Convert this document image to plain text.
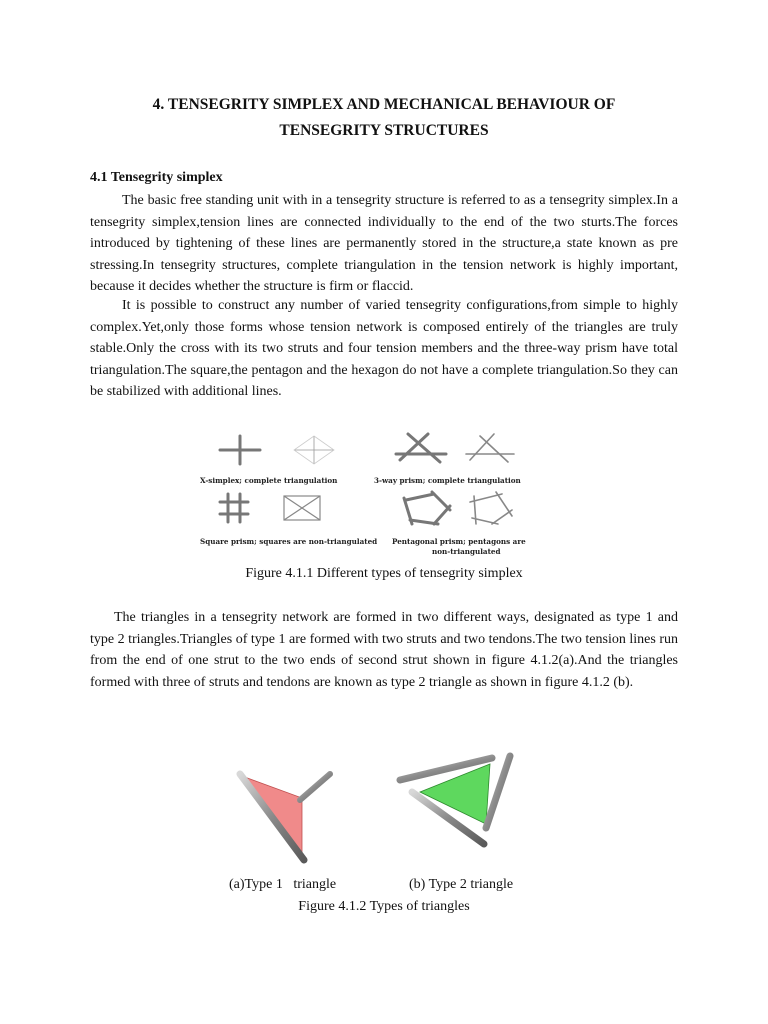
4. TENSEGRITY SIMPLEX AND MECHANICAL BEHAVIOUR OF
TENSEGRITY STRUCTURES
4.1 Tensegrity simplex

The basic free standing unit with in a tensegrity structure is referred to as a tensegrity simplex.In a tensegrity simplex,tension lines are connected individually to the end of the two sturts.The forces introduced by tightening of these lines are permanently stored in the structure,a state known as pre stressing.In tensegrity structures, complete triangulation in the tension network is highly important, because it decides whether the structure is firm or flaccid.

It is possible to construct any number of varied tensegrity configurations,from simple to highly complex.Yet,only those forms whose tension network is composed entirely of the triangles are truly stable.Only the cross with its two struts and four tension members and the three-way prism have total triangulation.The square,the pentagon and the hexagon do not have a complete triangulation.So they can be stabilized with additional lines.

X-simplex; complete triangulation	3-way prism; complete triangulation
Square prism; squares are non-triangulated Pentagonal prism; pentagons are
non-triangulated
Figure 4.1.1 Different types of tensegrity simplex

The triangles in a tensegrity network are formed in two different ways, designated as type 1 and type 2 triangles.Triangles of type 1 are formed with two struts and two tendons.The two tension lines run from the end of one strut to the two ends of second strut shown in figure 4.1.2(a).And the triangles formed with three of struts and tendons are known as type 2 triangle as shown in figure 4.1.2 (b).

(a)Type 1   triangle	(b) Type 2 triangle
Figure 4.1.2 Types of triangles
